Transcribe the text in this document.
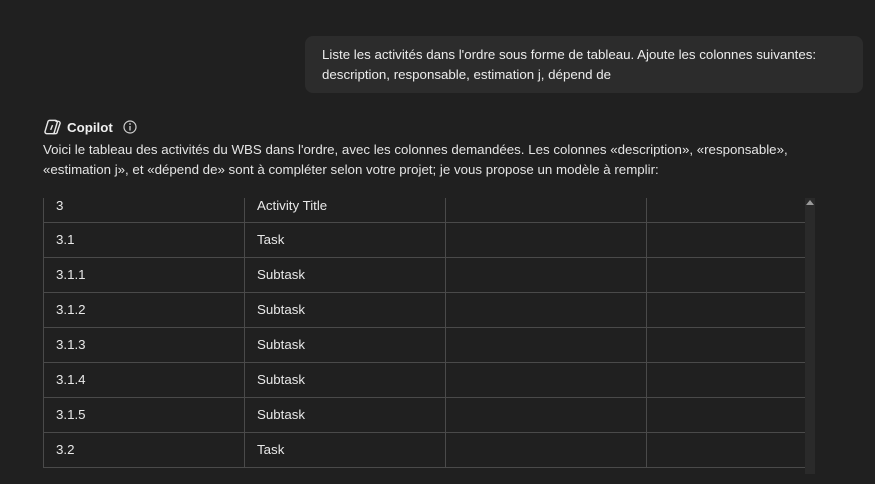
Liste les activités dans l'ordre sous forme de tableau. Ajoute les colonnes suivantes:
description, responsable, estimation j, dépend de
Copilot
Voici le tableau des activités du WBS dans l'ordre, avec les colonnes demandées. Les colonnes «description», «responsable»,
«estimation j», et «dépend de» sont à compléter selon votre projet; je vous propose un modèle à remplir:
3	Activity Title		
3.1	Task		
3.1.1	Subtask		
3.1.2	Subtask		
3.1.3	Subtask		
3.1.4	Subtask		
3.1.5	Subtask		
3.2	Task		
